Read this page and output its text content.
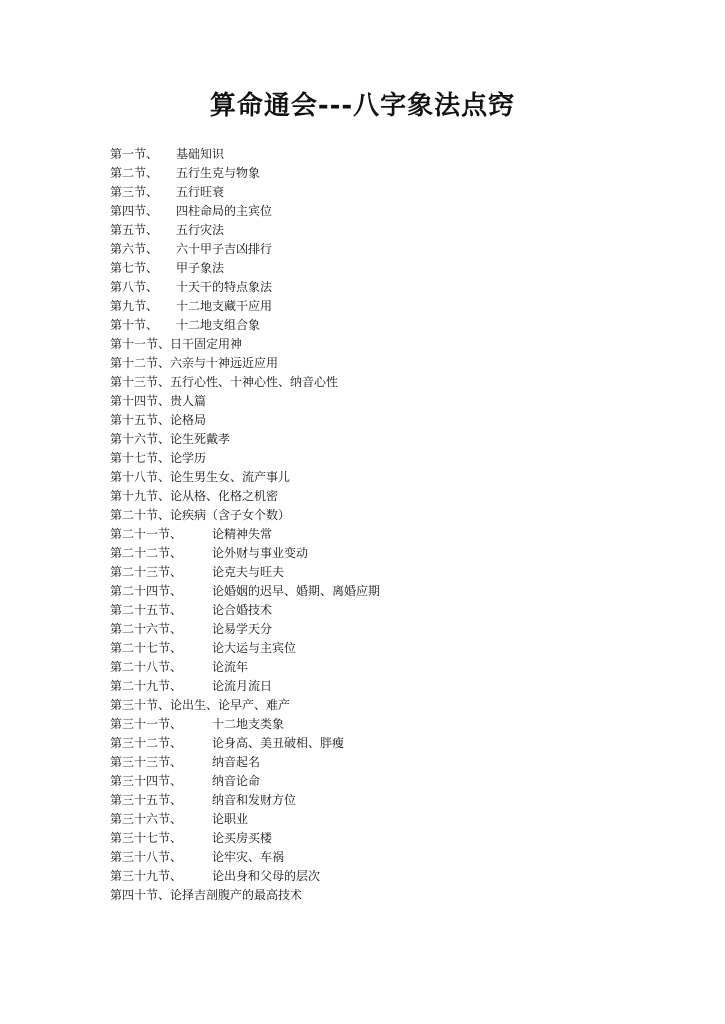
算命通会---八字象法点窍
第一节、	基础知识
第二节、	五行生克与物象
第三节、	五行旺衰
第四节、	四柱命局的主宾位
第五节、	五行灾法
第六节、	六十甲子吉凶排行
第七节、	甲子象法
第八节、	十天干的特点象法
第九节、	十二地支藏干应用
第十节、	十二地支组合象
第十一节、 日干固定用神
第十二节、 六亲与十神远近应用
第十三节、 五行心性、十神心性、纳音心性
第十四节、 贵人篇
第十五节、 论格局
第十六节、 论生死戴孝
第十七节、 论学历
第十八节、 论生男生女、流产事儿
第十九节、 论从格、化格之机密
第二十节、 论疾病（含子女个数）
第二十一节、	论精神失常
第二十二节、	论外财与事业变动
第二十三节、	论克夫与旺夫
第二十四节、	论婚姻的迟早、婚期、离婚应期
第二十五节、	论合婚技术
第二十六节、	论易学天分
第二十七节、	论大运与主宾位
第二十八节、	论流年
第二十九节、	论流月流日
第三十节、 论出生、论早产、难产
第三十一节、	十二地支类象
第三十二节、	论身高、美丑破相、胖瘦
第三十三节、	纳音起名
第三十四节、	纳音论命
第三十五节、	纳音和发财方位
第三十六节、	论职业
第三十七节、	论买房买楼
第三十八节、	论牢灾、车祸
第三十九节、	论出身和父母的层次
第四十节、 论择吉剖腹产的最高技术
